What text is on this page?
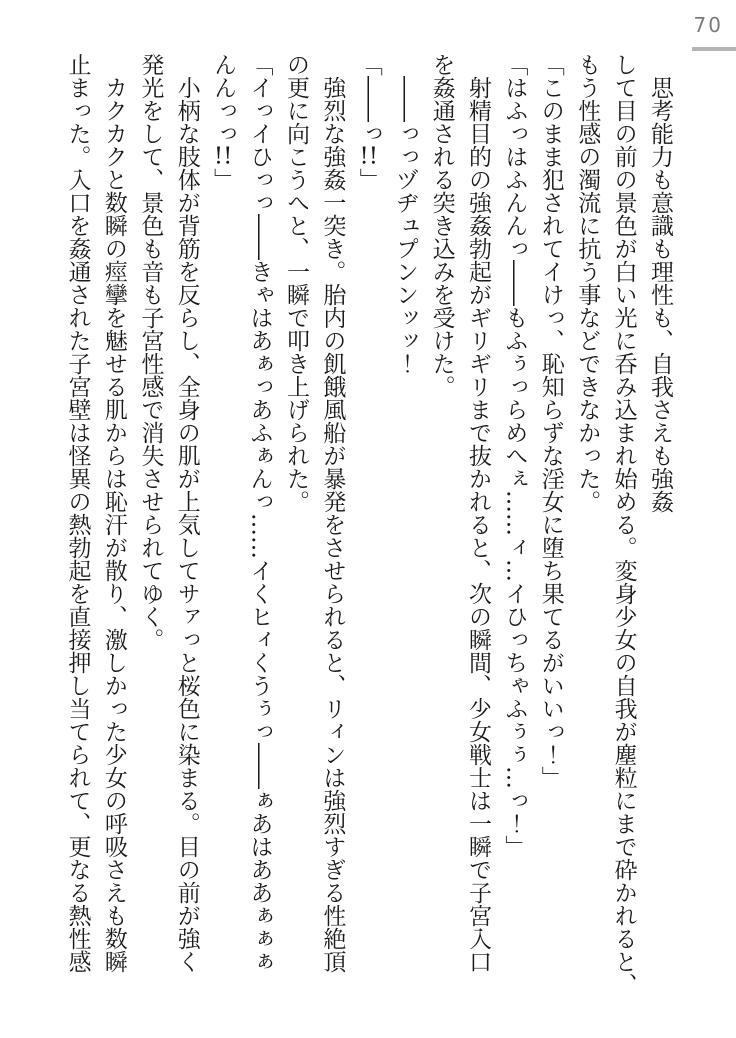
70
思考能力も意識も理性も、自我さえも強姦
して目の前の景色が白い光に呑み込まれ始める。変身少女の自我が塵粒にまで砕かれると、
もう性感の濁流に抗う事などできなかった。
「このまま犯されてイけっ、恥知らずな淫女に堕ち果てるがいいっ！」
「はふっはふんんっ――もふぅっらめへぇ……ィ…イひっちゃふぅぅ…っ！」
射精目的の強姦勃起がギリギリまで抜かれると、次の瞬間、少女戦士は一瞬で子宮入口
を姦通される突き込みを受けた。
――っっヅヂュプンンッッ！
「――っ!!」
強烈な強姦一突き。胎内の飢餓風船が暴発をさせられると、リィンは強烈すぎる性絶頂
の更に向こうへと、一瞬で叩き上げられた。
「イっイひっっ――きゃはあぁっあふぁんっ……イくヒィくうぅっ――ぁあはああぁぁぁ
んんっっ!!」
小柄な肢体が背筋を反らし、全身の肌が上気してサァっと桜色に染まる。目の前が強く
発光をして、景色も音も子宮性感で消失させられてゆく。
カクカクと数瞬の痙攣を魅せる肌からは恥汗が散り、激しかった少女の呼吸さえも数瞬
止まった。入口を姦通された子宮壁は怪異の熱勃起を直接押し当てられて、更なる熱性感
